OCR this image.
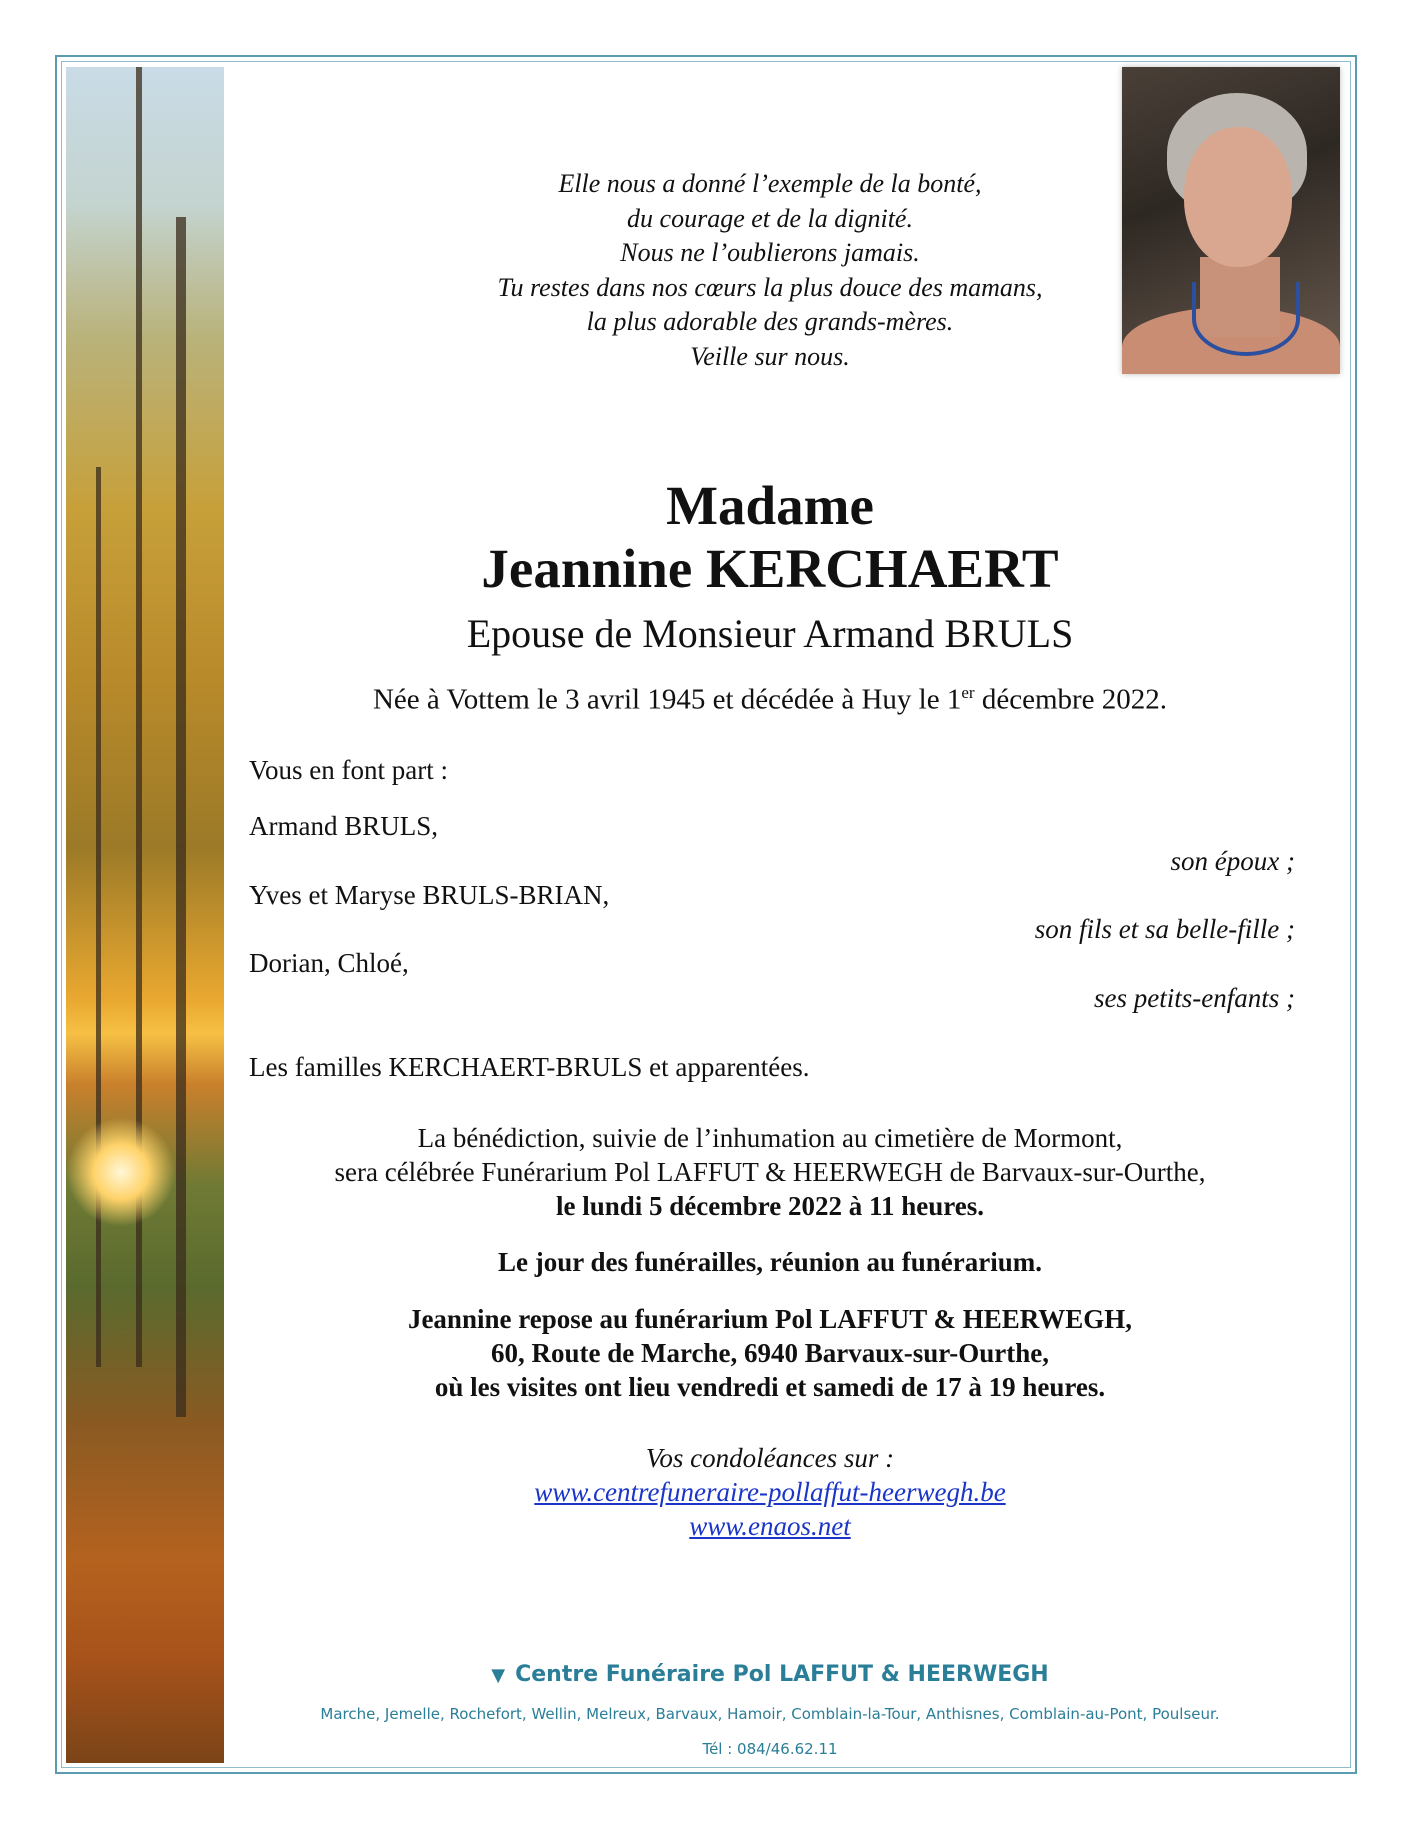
Elle nous a donné l’exemple de la bonté,
du courage et de la dignité.
Nous ne l’oublierons jamais.
Tu restes dans nos cœurs la plus douce des mamans,
la plus adorable des grands-mères.
Veille sur nous.
Madame
Jeannine KERCHAERT
Epouse de Monsieur Armand BRULS
Née à Vottem le 3 avril 1945 et décédée à Huy le 1er décembre 2022.
Vous en font part :
Armand BRULS,
son époux ;
Yves et Maryse BRULS-BRIAN,
son fils et sa belle-fille ;
Dorian, Chloé,
ses petits-enfants ;
Les familles KERCHAERT-BRULS et apparentées.
La bénédiction, suivie de l’inhumation au cimetière de Mormont,
sera célébrée Funérarium Pol LAFFUT & HEERWEGH de Barvaux-sur-Ourthe,
le lundi 5 décembre 2022 à 11 heures.
Le jour des funérailles, réunion au funérarium.
Jeannine repose au funérarium Pol LAFFUT & HEERWEGH,
60, Route de Marche, 6940 Barvaux-sur-Ourthe,
où les visites ont lieu vendredi et samedi de 17 à 19 heures.
Vos condoléances sur :
www.centrefuneraire-pollaffut-heerwegh.be
www.enaos.net
▼ Centre Funéraire Pol LAFFUT & HEERWEGH
Marche, Jemelle, Rochefort, Wellin, Melreux, Barvaux, Hamoir, Comblain-la-Tour, Anthisnes, Comblain-au-Pont, Poulseur.
Tél : 084/46.62.11
